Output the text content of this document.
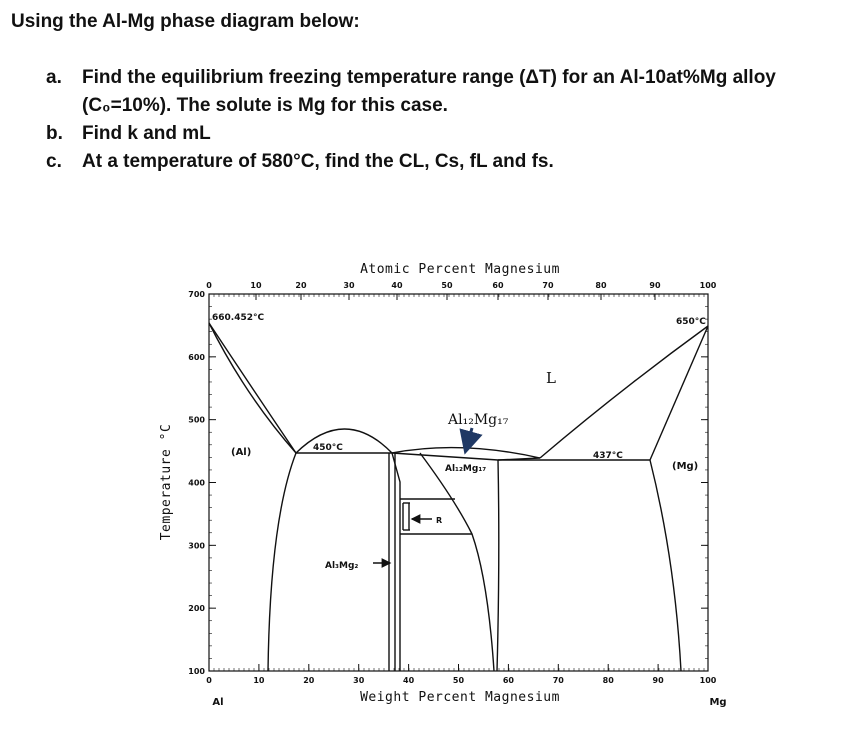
Using the Al-Mg phase diagram below:
a. Find the equilibrium freezing temperature range (ΔT) for an Al-10at%Mg alloy
(C₀=10%). The solute is Mg for this case.
b. Find k and mL
c. At a temperature of 580°C, find the CL, Cs, fL and fs.
0	10	20	30	40	50	60	70	80	90	100
0	10	20	30	40	50	60	70	80	90	100
100
200
300
400
500
600
700
Atomic Percent Magnesium
Weight Percent Magnesium
Temperature °C
Al	Mg
660.452°C	650°C
L
(Al)
(Mg)
450°C
437°C
Al₁₂Mg₁₇
Al₁₂Mg₁₇
Al₃Mg₂
R
